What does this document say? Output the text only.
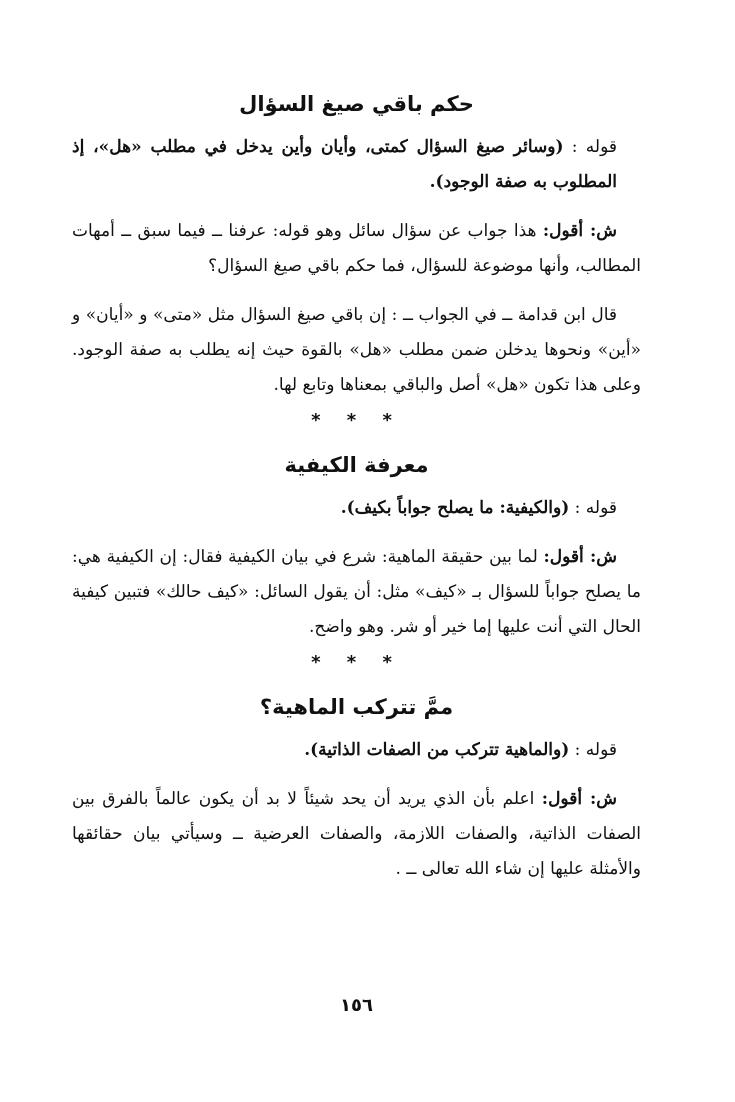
حكم باقي صيغ السؤال

قوله : (وسائر صيغ السؤال كمتى، وأيان وأين يدخل في مطلب «هل»، إذ المطلوب به صفة الوجود).

ش: أقول: هذا جواب عن سؤال سائل وهو قوله: عرفنا ــ فيما سبق ــ أمهات المطالب، وأنها موضوعة للسؤال، فما حكم باقي صيغ السؤال؟

قال ابن قدامة ــ في الجواب ــ : إن باقي صيغ السؤال مثل «متى» و «أيان» و «أين» ونحوها يدخلن ضمن مطلب «هل» بالقوة حيث إنه يطلب به صفة الوجود. وعلى هذا تكون «هل» أصل والباقي بمعناها وتابع لها.

* * *
معرفة الكيفية

قوله : (والكيفية: ما يصلح جواباً بكيف).

ش: أقول: لما بين حقيقة الماهية: شرع في بيان الكيفية فقال: إن الكيفية هي: ما يصلح جواباً للسؤال بـ «كيف» مثل: أن يقول السائل: «كيف حالك» فتبين كيفية الحال التي أنت عليها إما خير أو شر. وهو واضح.

* * *
ممَّ تتركب الماهية؟

قوله : (والماهية تتركب من الصفات الذاتية).

ش: أقول: اعلم بأن الذي يريد أن يحد شيئاً لا بد أن يكون عالماً بالفرق بين الصفات الذاتية، والصفات اللازمة، والصفات العرضية ــ وسيأتي بيان حقائقها والأمثلة عليها إن شاء الله تعالى ــ .

١٥٦
